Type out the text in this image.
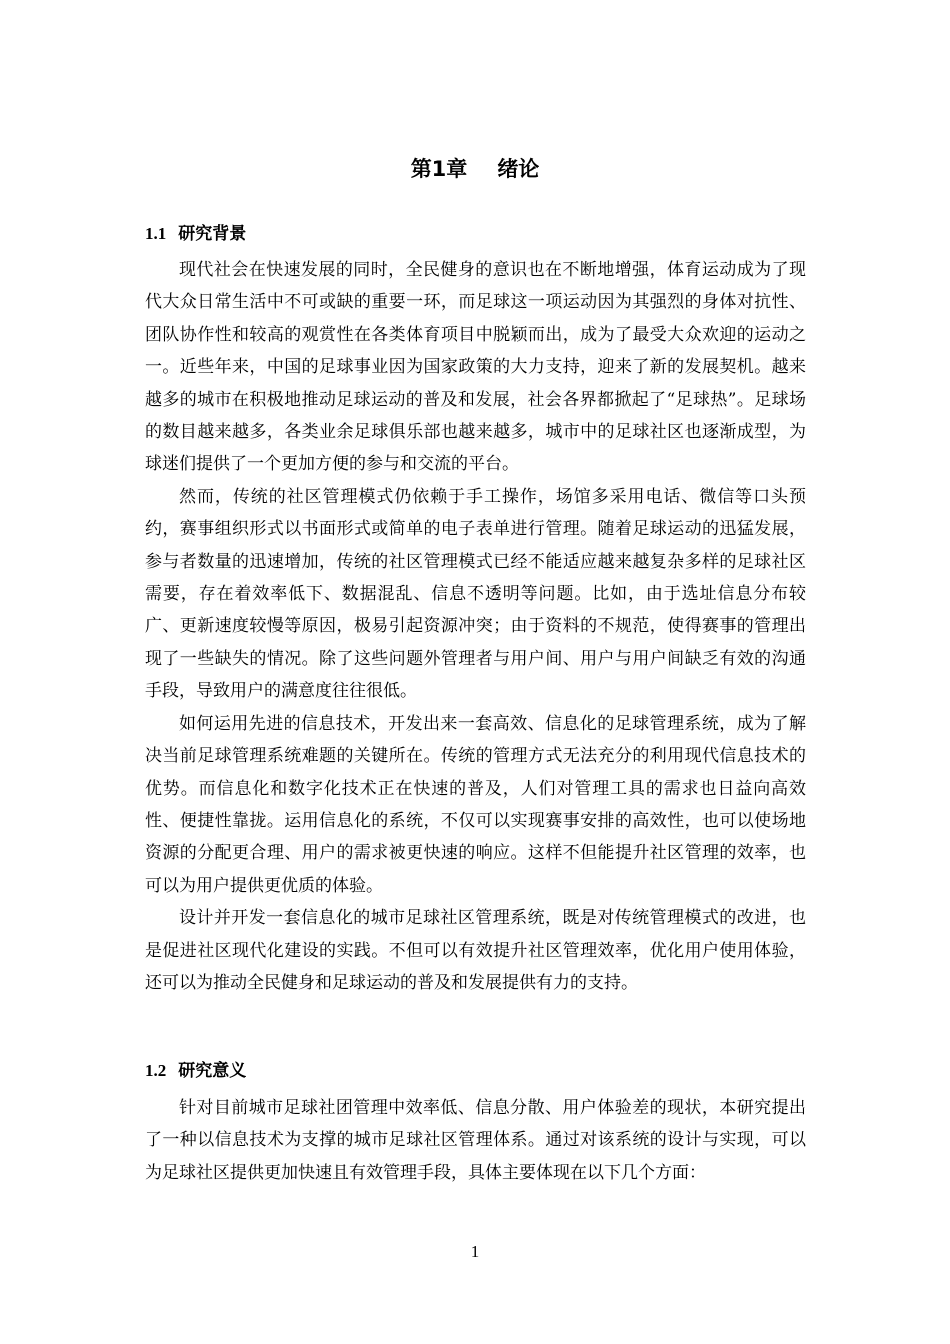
第1章 绪论
1.1 研究背景

现代社会在快速发展的同时，全民健身的意识也在不断地增强，体育运动成为了现代大众日常生活中不可或缺的重要一环，而足球这一项运动因为其强烈的身体对抗性、团队协作性和较高的观赏性在各类体育项目中脱颖而出，成为了最受大众欢迎的运动之一。近些年来，中国的足球事业因为国家政策的大力支持，迎来了新的发展契机。越来越多的城市在积极地推动足球运动的普及和发展，社会各界都掀起了“足球热”。足球场的数目越来越多，各类业余足球俱乐部也越来越多，城市中的足球社区也逐渐成型，为球迷们提供了一个更加方便的参与和交流的平台。

然而，传统的社区管理模式仍依赖于手工操作，场馆多采用电话、微信等口头预约，赛事组织形式以书面形式或简单的电子表单进行管理。随着足球运动的迅猛发展，参与者数量的迅速增加，传统的社区管理模式已经不能适应越来越复杂多样的足球社区需要，存在着效率低下、数据混乱、信息不透明等问题。比如，由于选址信息分布较广、更新速度较慢等原因，极易引起资源冲突；由于资料的不规范，使得赛事的管理出现了一些缺失的情况。除了这些问题外管理者与用户间、用户与用户间缺乏有效的沟通手段，导致用户的满意度往往很低。

如何运用先进的信息技术，开发出来一套高效、信息化的足球管理系统，成为了解决当前足球管理系统难题的关键所在。传统的管理方式无法充分的利用现代信息技术的优势。而信息化和数字化技术正在快速的普及，人们对管理工具的需求也日益向高效性、便捷性靠拢。运用信息化的系统，不仅可以实现赛事安排的高效性，也可以使场地资源的分配更合理、用户的需求被更快速的响应。这样不但能提升社区管理的效率，也可以为用户提供更优质的体验。

设计并开发一套信息化的城市足球社区管理系统，既是对传统管理模式的改进，也是促进社区现代化建设的实践。不但可以有效提升社区管理效率，优化用户使用体验，还可以为推动全民健身和足球运动的普及和发展提供有力的支持。

1.2 研究意义

针对目前城市足球社团管理中效率低、信息分散、用户体验差的现状，本研究提出了一种以信息技术为支撑的城市足球社区管理体系。通过对该系统的设计与实现，可以为足球社区提供更加快速且有效管理手段，具体主要体现在以下几个方面：

1
